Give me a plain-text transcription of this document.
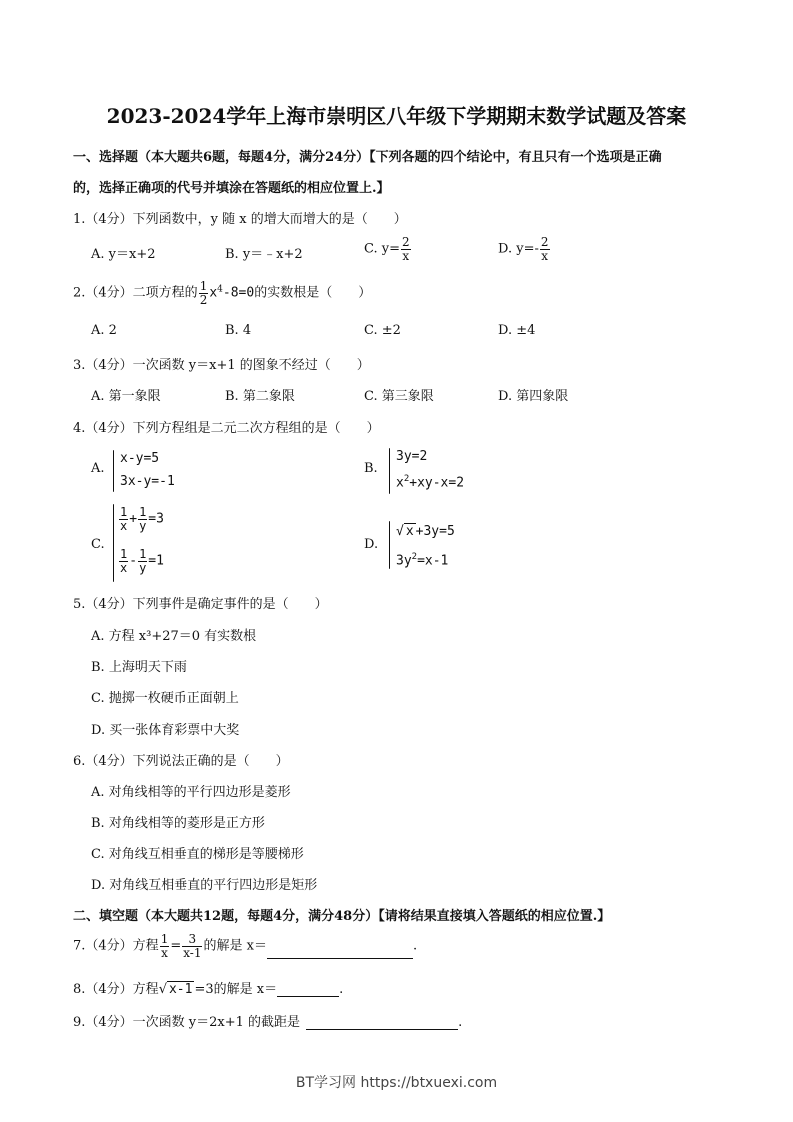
2023-2024学年上海市崇明区八年级下学期期末数学试题及答案
一、选择题（本大题共6题，每题4分，满分24分）【下列各题的四个结论中，有且只有一个选项是正确
的，选择正确项的代号并填涂在答题纸的相应位置上.】
1.（4分）下列函数中，y 随 x 的增大而增大的是（　　）
A. y＝x+2	B. y＝﹣x+2	C. $y= \frac{2}{x}$	D. $y=- \frac{2}{x}$
2.（4分）二项方程的 $\frac{1}{2} x^4-8=0$的实数根是（　　）
A. 2	B. 4	C. ±2	D. ±4
3.（4分）一次函数 y＝x+1 的图象不经过（　　）
A. 第一象限	B. 第二象限	C. 第三象限	D. 第四象限
4.（4分）下列方程组是二元二次方程组的是（　　）
A.
x-y=5
3x-y=-1
B.
3y=2
$x^2+xy-x=2$
C.
$\frac{1}{x} + \frac{1}{y} =3$
$\frac{1}{x} - \frac{1}{y} =1$
D.
√ x +3y=5
$3y^2=x-1$
5.（4分）下列事件是确定事件的是（　　）
A. 方程 x³+27＝0 有实数根
B. 上海明天下雨
C. 抛掷一枚硬币正面朝上
D. 买一张体育彩票中大奖
6.（4分）下列说法正确的是（　　）
A. 对角线相等的平行四边形是菱形
B. 对角线相等的菱形是正方形
C. 对角线互相垂直的梯形是等腰梯形
D. 对角线互相垂直的平行四边形是矩形
二、填空题（本大题共12题，每题4分，满分48分）【请将结果直接填入答题纸的相应位置.】
7.（4分）方程 $\frac{1}{x} = \frac{3}{x-1}$ 的解是 x＝	.
8.（4分）方程√ x-1 =3的解是 x＝	.
9.（4分）一次函数 y＝2x+1 的截距是	.
BT学习网 https://btxuexi.com
